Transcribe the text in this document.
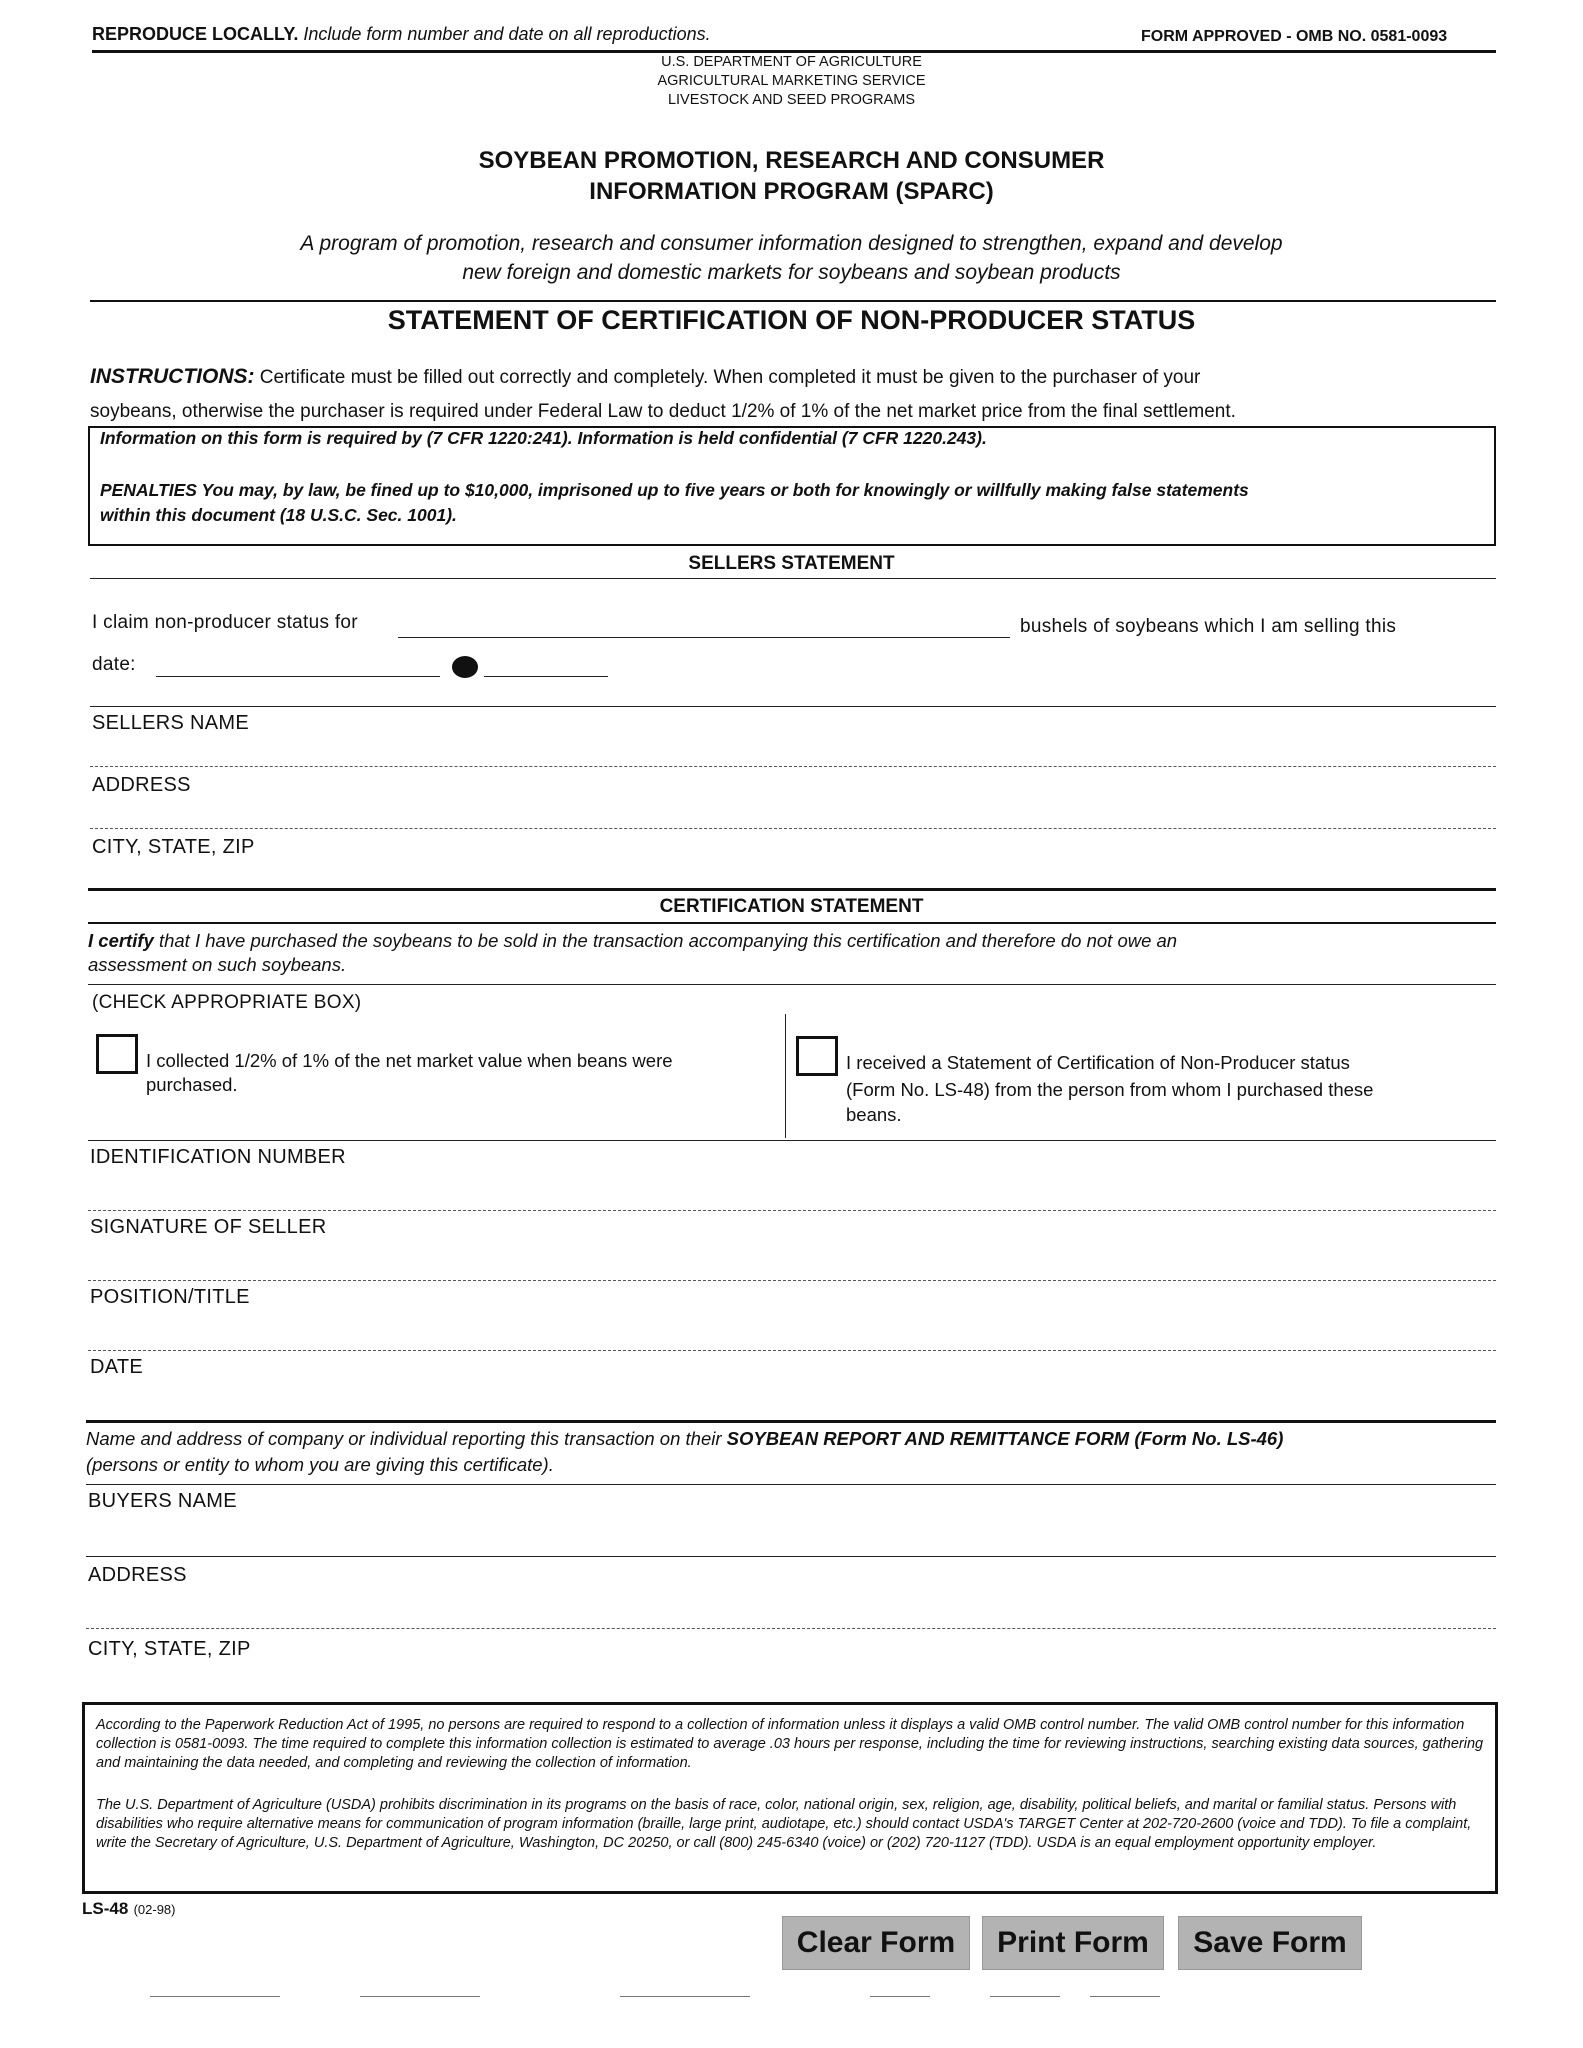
REPRODUCE LOCALLY. Include form number and date on all reproductions.	FORM APPROVED - OMB NO. 0581-0093
U.S. DEPARTMENT OF AGRICULTURE
AGRICULTURAL MARKETING SERVICE
LIVESTOCK AND SEED PROGRAMS
SOYBEAN PROMOTION, RESEARCH AND CONSUMER
INFORMATION PROGRAM (SPARC)
A program of promotion, research and consumer information designed to strengthen, expand and develop
new foreign and domestic markets for soybeans and soybean products
STATEMENT OF CERTIFICATION OF NON-PRODUCER STATUS
INSTRUCTIONS: Certificate must be filled out correctly and completely. When completed it must be given to the purchaser of your
soybeans, otherwise the purchaser is required under Federal Law to deduct 1/2% of 1% of the net market price from the final settlement.
Information on this form is required by (7 CFR 1220:241). Information is held confidential (7 CFR 1220.243).
PENALTIES You may, by law, be fined up to $10,000, imprisoned up to five years or both for knowingly or willfully making false statements
within this document (18 U.S.C. Sec. 1001).
SELLERS STATEMENT
I claim non-producer status for	bushels of soybeans which I am selling this
date:
SELLERS NAME
ADDRESS
CITY, STATE, ZIP
CERTIFICATION STATEMENT
I certify that I have purchased the soybeans to be sold in the transaction accompanying this certification and therefore do not owe an
assessment on such soybeans.
(CHECK APPROPRIATE BOX)
I collected 1/2% of 1% of the net market value when beans were
purchased.
I received a Statement of Certification of Non-Producer status
(Form No. LS-48) from the person from whom I purchased these
beans.
IDENTIFICATION NUMBER
SIGNATURE OF SELLER
POSITION/TITLE
DATE
Name and address of company or individual reporting this transaction on their SOYBEAN REPORT AND REMITTANCE FORM (Form No. LS-46)
(persons or entity to whom you are giving this certificate).
BUYERS NAME
ADDRESS
CITY, STATE, ZIP
According to the Paperwork Reduction Act of 1995, no persons are required to respond to a collection of information unless it displays a valid OMB control number. The valid OMB control number for this information collection is 0581-0093. The time required to complete this information collection is estimated to average .03 hours per response, including the time for reviewing instructions, searching existing data sources, gathering and maintaining the data needed, and completing and reviewing the collection of information.
The U.S. Department of Agriculture (USDA) prohibits discrimination in its programs on the basis of race, color, national origin, sex, religion, age, disability, political beliefs, and marital or familial status. Persons with disabilities who require alternative means for communication of program information (braille, large print, audiotape, etc.) should contact USDA's TARGET Center at 202-720-2600 (voice and TDD). To file a complaint, write the Secretary of Agriculture, U.S. Department of Agriculture, Washington, DC 20250, or call (800) 245-6340 (voice) or (202) 720-1127 (TDD). USDA is an equal employment opportunity employer.
LS-48 (02-98)
Clear Form	Print Form	Save Form
